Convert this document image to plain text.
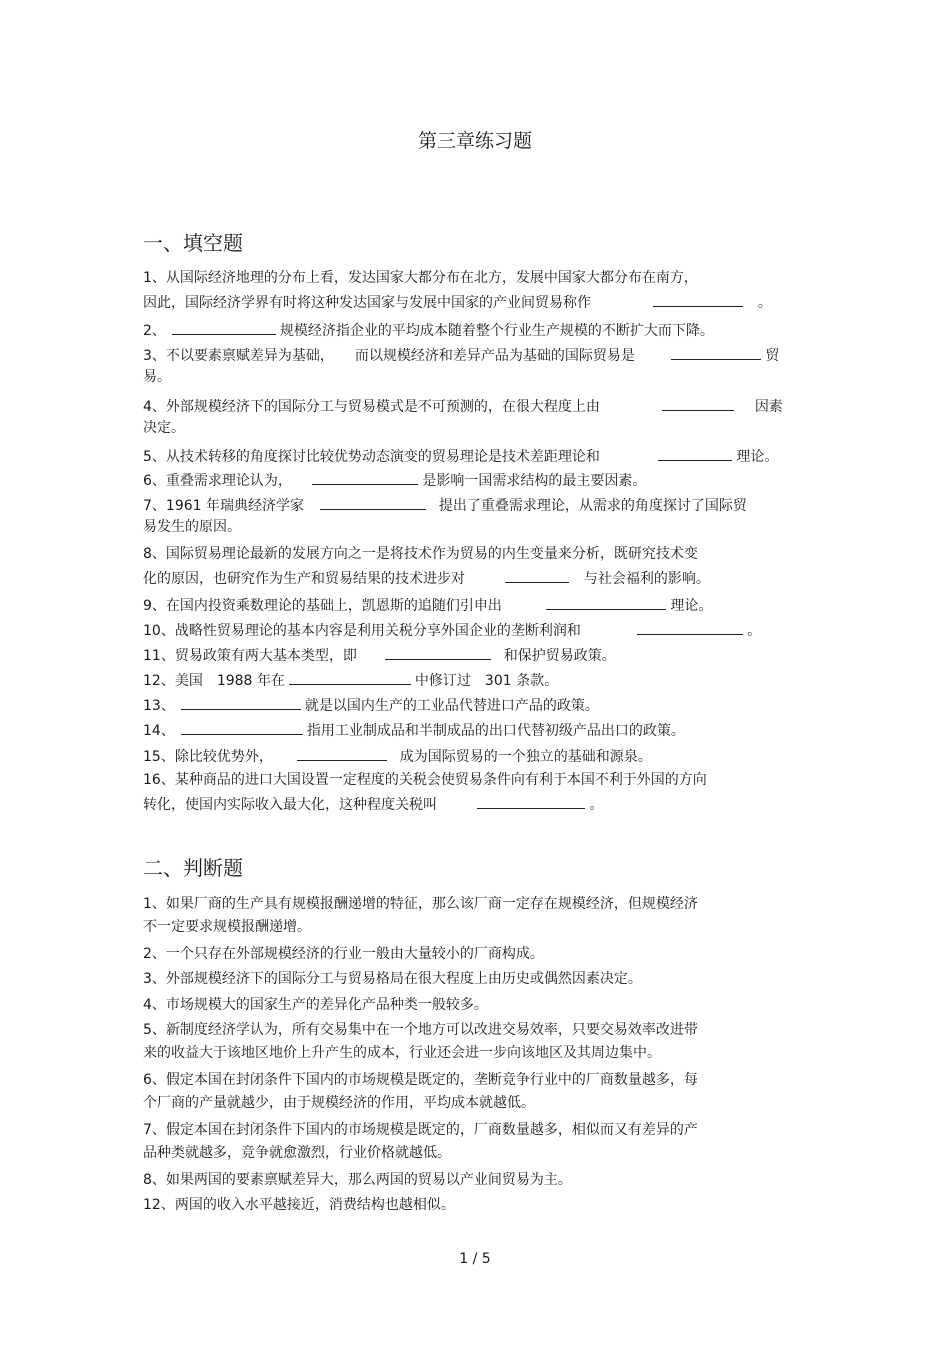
第三章练习题
一、填空题
1、从国际经济地理的分布上看，发达国家大都分布在北方，发展中国家大都分布在南方，
因此，国际经济学界有时将这种发达国家与发展中国家的产业间贸易称作	。
2、	规模经济指企业的平均成本随着整个行业生产规模的不断扩大而下降。
3、不以要素禀赋差异为基础，　　而以规模经济和差异产品为基础的国际贸易是	贸
易。
4、外部规模经济下的国际分工与贸易模式是不可预测的，在很大程度上由	因素
决定。
5、从技术转移的角度探讨比较优势动态演变的贸易理论是技术差距理论和	理论。
6、重叠需求理论认为，	是影响一国需求结构的最主要因素。
7、1961 年瑞典经济学家	提出了重叠需求理论，从需求的角度探讨了国际贸
易发生的原因。
8、国际贸易理论最新的发展方向之一是将技术作为贸易的内生变量来分析，既研究技术变
化的原因，也研究作为生产和贸易结果的技术进步对	与社会福利的影响。
9、在国内投资乘数理论的基础上，凯恩斯的追随们引申出	理论。
10、战略性贸易理论的基本内容是利用关税分享外国企业的垄断利润和	。
11、贸易政策有两大基本类型，即	和保护贸易政策。
12、美国　1988 年在	中修订过　301 条款。
13、	就是以国内生产的工业品代替进口产品的政策。
14、	指用工业制成品和半制成品的出口代替初级产品出口的政策。
15、除比较优势外，	成为国际贸易的一个独立的基础和源泉。
16、某种商品的进口大国设置一定程度的关税会使贸易条件向有利于本国不利于外国的方向
转化，使国内实际收入最大化，这种程度关税叫	。
二、判断题
1、如果厂商的生产具有规模报酬递增的特征，那么该厂商一定存在规模经济，但规模经济
不一定要求规模报酬递增。
2、一个只存在外部规模经济的行业一般由大量较小的厂商构成。
3、外部规模经济下的国际分工与贸易格局在很大程度上由历史或偶然因素决定。
4、市场规模大的国家生产的差异化产品种类一般较多。
5、新制度经济学认为，所有交易集中在一个地方可以改进交易效率，只要交易效率改进带
来的收益大于该地区地价上升产生的成本，行业还会进一步向该地区及其周边集中。
6、假定本国在封闭条件下国内的市场规模是既定的，垄断竞争行业中的厂商数量越多，每
个厂商的产量就越少，由于规模经济的作用，平均成本就越低。
7、假定本国在封闭条件下国内的市场规模是既定的，厂商数量越多，相似而又有差异的产
品种类就越多，竞争就愈激烈，行业价格就越低。
8、如果两国的要素禀赋差异大，那么两国的贸易以产业间贸易为主。
12、两国的收入水平越接近，消费结构也越相似。
1 / 5
